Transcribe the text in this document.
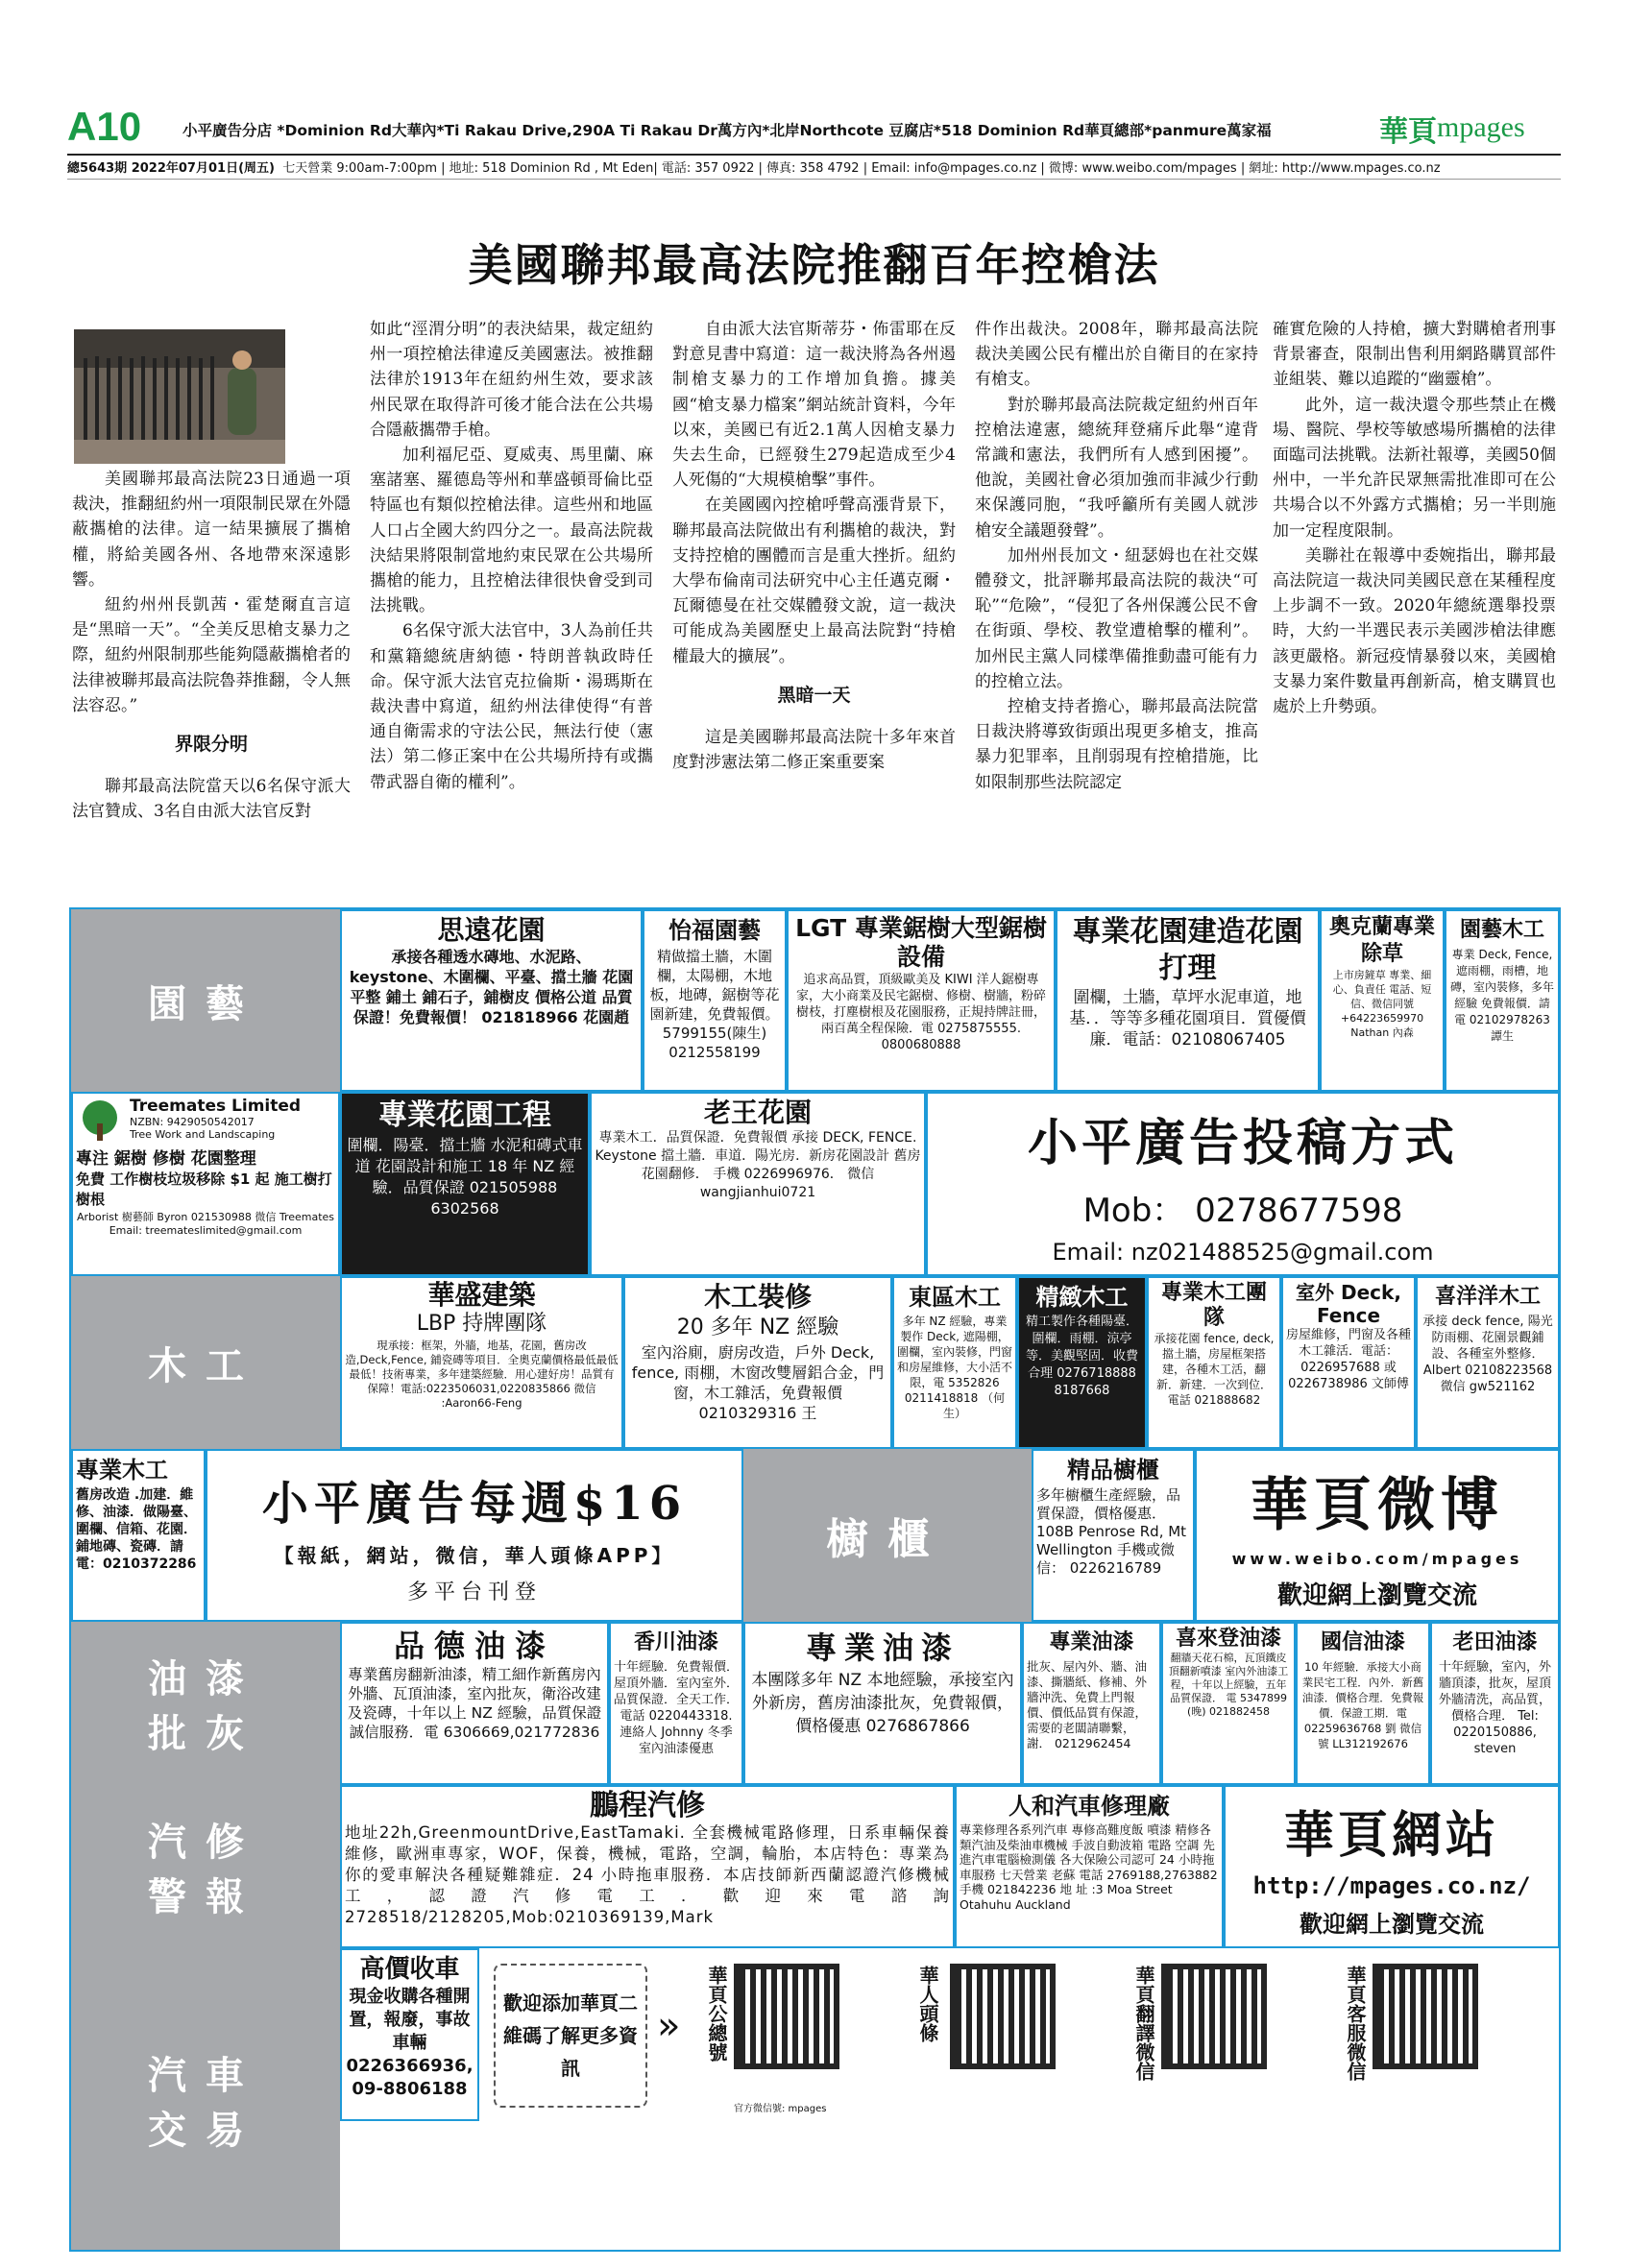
A10	小平廣告分店 *Dominion Rd大華內*Ti Rakau Drive,290A Ti Rakau Dr萬方內*北岸Northcote 豆腐店*518 Dominion Rd華頁總部*panmure萬家福	華頁 mpages
總5643期 2022年07月01日(周五) 七天營業 9:00am-7:00pm | 地址: 518 Dominion Rd , Mt Eden| 電話: 357 0922 | 傳真: 358 4792 | Email: info@mpages.co.nz | 微博: www.weibo.com/mpages | 網址: http://www.mpages.co.nz
美國聯邦最高法院推翻百年控槍法

美國聯邦最高法院23日通過一項裁決，推翻紐約州一項限制民眾在外隱蔽攜槍的法律。這一結果擴展了攜槍權，將給美國各州、各地帶來深遠影響。

紐約州州長凱茜・霍楚爾直言這是“黑暗一天”。“全美反思槍支暴力之際，紐約州限制那些能夠隱蔽攜槍者的法律被聯邦最高法院魯莽推翻，令人無法容忍。”

界限分明

聯邦最高法院當天以6名保守派大法官贊成、3名自由派大法官反對

如此“涇渭分明”的表決結果，裁定紐約州一項控槍法律違反美國憲法。被推翻法律於1913年在紐約州生效，要求該州民眾在取得許可後才能合法在公共場合隱蔽攜帶手槍。

加利福尼亞、夏威夷、馬里蘭、麻塞諸塞、羅德島等州和華盛頓哥倫比亞特區也有類似控槍法律。這些州和地區人口占全國大約四分之一。最高法院裁決結果將限制當地約束民眾在公共場所攜槍的能力，且控槍法律很快會受到司法挑戰。

6名保守派大法官中，3人為前任共和黨籍總統唐納德・特朗普執政時任命。保守派大法官克拉倫斯・湯瑪斯在裁決書中寫道，紐約州法律使得“有普通自衛需求的守法公民，無法行使（憲法）第二修正案中在公共場所持有或攜帶武器自衛的權利”。

自由派大法官斯蒂芬・佈雷耶在反對意見書中寫道：這一裁決將為各州遏制槍支暴力的工作增加負擔。據美國“槍支暴力檔案”網站統計資料，今年以來，美國已有近2.1萬人因槍支暴力失去生命，已經發生279起造成至少4人死傷的“大規模槍擊”事件。

在美國國內控槍呼聲高漲背景下，聯邦最高法院做出有利攜槍的裁決，對支持控槍的團體而言是重大挫折。紐約大學布倫南司法研究中心主任邁克爾・瓦爾德曼在社交媒體發文說，這一裁決可能成為美國歷史上最高法院對“持槍權最大的擴展”。

黑暗一天

這是美國聯邦最高法院十多年來首度對涉憲法第二修正案重要案

件作出裁決。2008年，聯邦最高法院裁決美國公民有權出於自衛目的在家持有槍支。

對於聯邦最高法院裁定紐約州百年控槍法違憲，總統拜登痛斥此舉“違背常識和憲法，我們所有人感到困擾”。他說，美國社會必須加強而非減少行動來保護同胞，“我呼籲所有美國人就涉槍安全議題發聲”。

加州州長加文・紐瑟姆也在社交媒體發文，批評聯邦最高法院的裁決“可恥”“危險”，“侵犯了各州保護公民不會在街頭、學校、教堂遭槍擊的權利”。加州民主黨人同樣準備推動盡可能有力的控槍立法。

控槍支持者擔心，聯邦最高法院當日裁決將導致街頭出現更多槍支，推高暴力犯罪率，且削弱現有控槍措施，比如限制那些法院認定

確實危險的人持槍，擴大對購槍者刑事背景審查，限制出售利用網路購買部件並組裝、難以追蹤的“幽靈槍”。

此外，這一裁決還令那些禁止在機場、醫院、學校等敏感場所攜槍的法律面臨司法挑戰。法新社報導，美國50個州中，一半允許民眾無需批准即可在公共場合以不外露方式攜槍；另一半則施加一定程度限制。

美聯社在報導中委婉指出，聯邦最高法院這一裁決同美國民意在某種程度上步調不一致。2020年總統選舉投票時，大約一半選民表示美國涉槍法律應該更嚴格。新冠疫情暴發以來，美國槍支暴力案件數量再創新高，槍支購買也處於上升勢頭。

園藝
木工
櫥櫃
油漆
批灰
汽修
警報
汽車
交易
思遠花園
承接各種透水磚地、水泥路、keystone、木圍欄、平臺、擋土牆 花園平整 鋪土 鋪石子，鋪樹皮 價格公道 品質保證！免費報價！ 021818966 花園趙
怡福園藝
精做擋土牆，木圍欄，太陽棚，木地板，地磚，鋸樹等花園新建，免費報價。 5799155(陳生) 0212558199
LGT 專業鋸樹大型鋸樹設備
追求高品質，頂級歐美及 KIWI 洋人鋸樹專家，大小商業及民宅鋸樹、修樹、樹牆，粉碎樹枝，打塵樹根及花園服務，正規持牌註冊，兩百萬全程保險．電 0275875555. 0800680888
專業花園建造花園打理
圍欄，土牆，草坪水泥車道，地基．．等等多種花園項目．質優價廉．電話：02108067405
奧克蘭專業除草
上市房鏟草 專業、細心、負責任 電話、短信、微信同號 +64223659970 Nathan 內森
園藝木工
專業 Deck, Fence, 遮雨棚，雨槽，地磚，室內裝修，多年經驗 免費報價．請電 02102978263 譚生
Treemates Limited
NZBN: 9429050542017
Tree Work and Landscaping
專注 鋸樹 修樹 花園整理
免費 工作樹枝垃圾移除 $1 起 施工樹打樹根
Arborist 樹藝師 Byron 021530988 微信 Treemates
Email: treemateslimited@gmail.com
專業花園工程
圍欄．陽臺．擋土牆 水泥和磚式車道 花園設計和施工 18 年 NZ 經驗．品質保證 021505988 6302568
老王花園
專業木工．品質保證．免費報價 承接 DECK, FENCE. Keystone 擋土牆．車道．陽光房．新房花園設計 舊房花園翻修． 手機 0226996976． 微信 wangjianhui0721
小平廣告投稿方式
Mob： 0278677598
Email: nz021488525@gmail.com
華盛建築
LBP 持牌團隊
現承接：框架，外牆，地基，花園，舊房改造,Deck,Fence, 鋪瓷磚等項目．全奧克蘭價格最低最低最低！技術專業，多年建築經驗．用心建好房！品質有保障！電話:0223506031,0220835866 微信 :Aaron66-Feng
木工裝修
20 多年 NZ 經驗
室內浴廁，廚房改造，戶外 Deck, fence, 雨棚，木窗改雙層鋁合金，門窗，木工雜活，免費報價 0210329316 王
東區木工
多年 NZ 經驗，專業製作 Deck, 遮陽棚，圍欄，室內裝修，門窗和房屋維修，大小活不限，電 5352826 0211418818 （何生）
精緻木工
精工製作各種陽臺．圍欄．雨棚．涼亭等．美觀堅固．收費合理 0276718888 8187668
專業木工團隊
承接花園 fence, deck, 擋土牆，房屋框架搭建，各種木工活，翻新．新建．一次到位． 電話 021888682
室外 Deck, Fence
房屋維修，門窗及各種木工雜活．電話：0226957688 或 0226738986 文師傅
喜洋洋木工
承接 deck fence, 陽光防雨棚、花園景觀鋪設、各種室外整修． Albert 02108223568 微信 gw521162
專業木工
舊房改造 .加建．維修、油漆．做陽臺、圍欄、信箱、花園．鋪地磚、瓷磚．請電：0210372286
小平廣告每週$16
【報紙，網站，微信，華人頭條APP】
多平台刊登
精品櫥櫃
多年櫥櫃生產經驗，品質保證，價格優惠． 108B Penrose Rd, Mt Wellington 手機或微信： 0226216789
華頁微博
www.weibo.com/mpages
歡迎網上瀏覽交流
品德油漆
專業舊房翻新油漆，精工細作新舊房內外牆、瓦頂油漆，室內批灰，衛浴改建及瓷磚，十年以上 NZ 經驗，品質保證誠信服務．電 6306669,021772836
香川油漆
十年經驗．免費報價．屋頂外牆．室內室外．品質保證．全天工作．電話 0220443318. 連絡人 Johnny 冬季室內油漆優惠
專業油漆
本團隊多年 NZ 本地經驗，承接室內外新房，舊房油漆批灰，免費報價，價格優惠 0276867866
專業油漆
批灰、屋內外、牆、油漆、撕牆紙、修補、外牆沖洗、免費上門報價、價低品質有保證，需要的老闆請聯繫，謝． 0212962454
喜來登油漆
翻牆天花石棉，瓦頂鐵皮頂翻新噴漆 室內外油漆工程，十年以上經驗，五年品質保證． 電 5347899 (晚) 021882458
國信油漆
10 年經驗．承接大小商業民宅工程．內外．新舊油漆．價格合理．免費報價．保證工期．電 02259636768 劉 微信號 LL312192676
老田油漆
十年經驗，室內，外牆頂漆，批灰，屋頂外牆清洗，高品質，價格合理． Tel: 0220150886, steven
鵬程汽修
地址22h,GreenmountDrive,EastTamaki. 全套機械電路修理，日系車輛保養維修，歐洲車專家，WOF，保養，機械，電路，空調，輪胎，本店特色：專業為你的愛車解決各種疑難雜症．24 小時拖車服務．本店技師新西蘭認證汽修機械工，認證汽修電工．歡迎來電諮詢 2728518/2128205,Mob:0210369139,Mark
人和汽車修理廠
專業修理各系列汽車 專修高難度飯 噴漆 精修各類汽油及柴油車機械 手波自動波箱 電路 空調 先進汽車電腦檢測儀 各大保險公司認可 24 小時拖車服務 七天營業 老蘇 電話 2769188,2763882 手機 021842236 地 址 :3 Moa Street Otahuhu Auckland
華頁網站
http://mpages.co.nz/
歡迎網上瀏覽交流
高價收車
現金收購各種開置，報廢，事故車輛 0226366936, 09-8806188
歡迎添加華頁二維碼了解更多資訊
» 華頁公總號
官方微信號: mpages
華人頭條	華頁翻譯微信	華頁客服微信
